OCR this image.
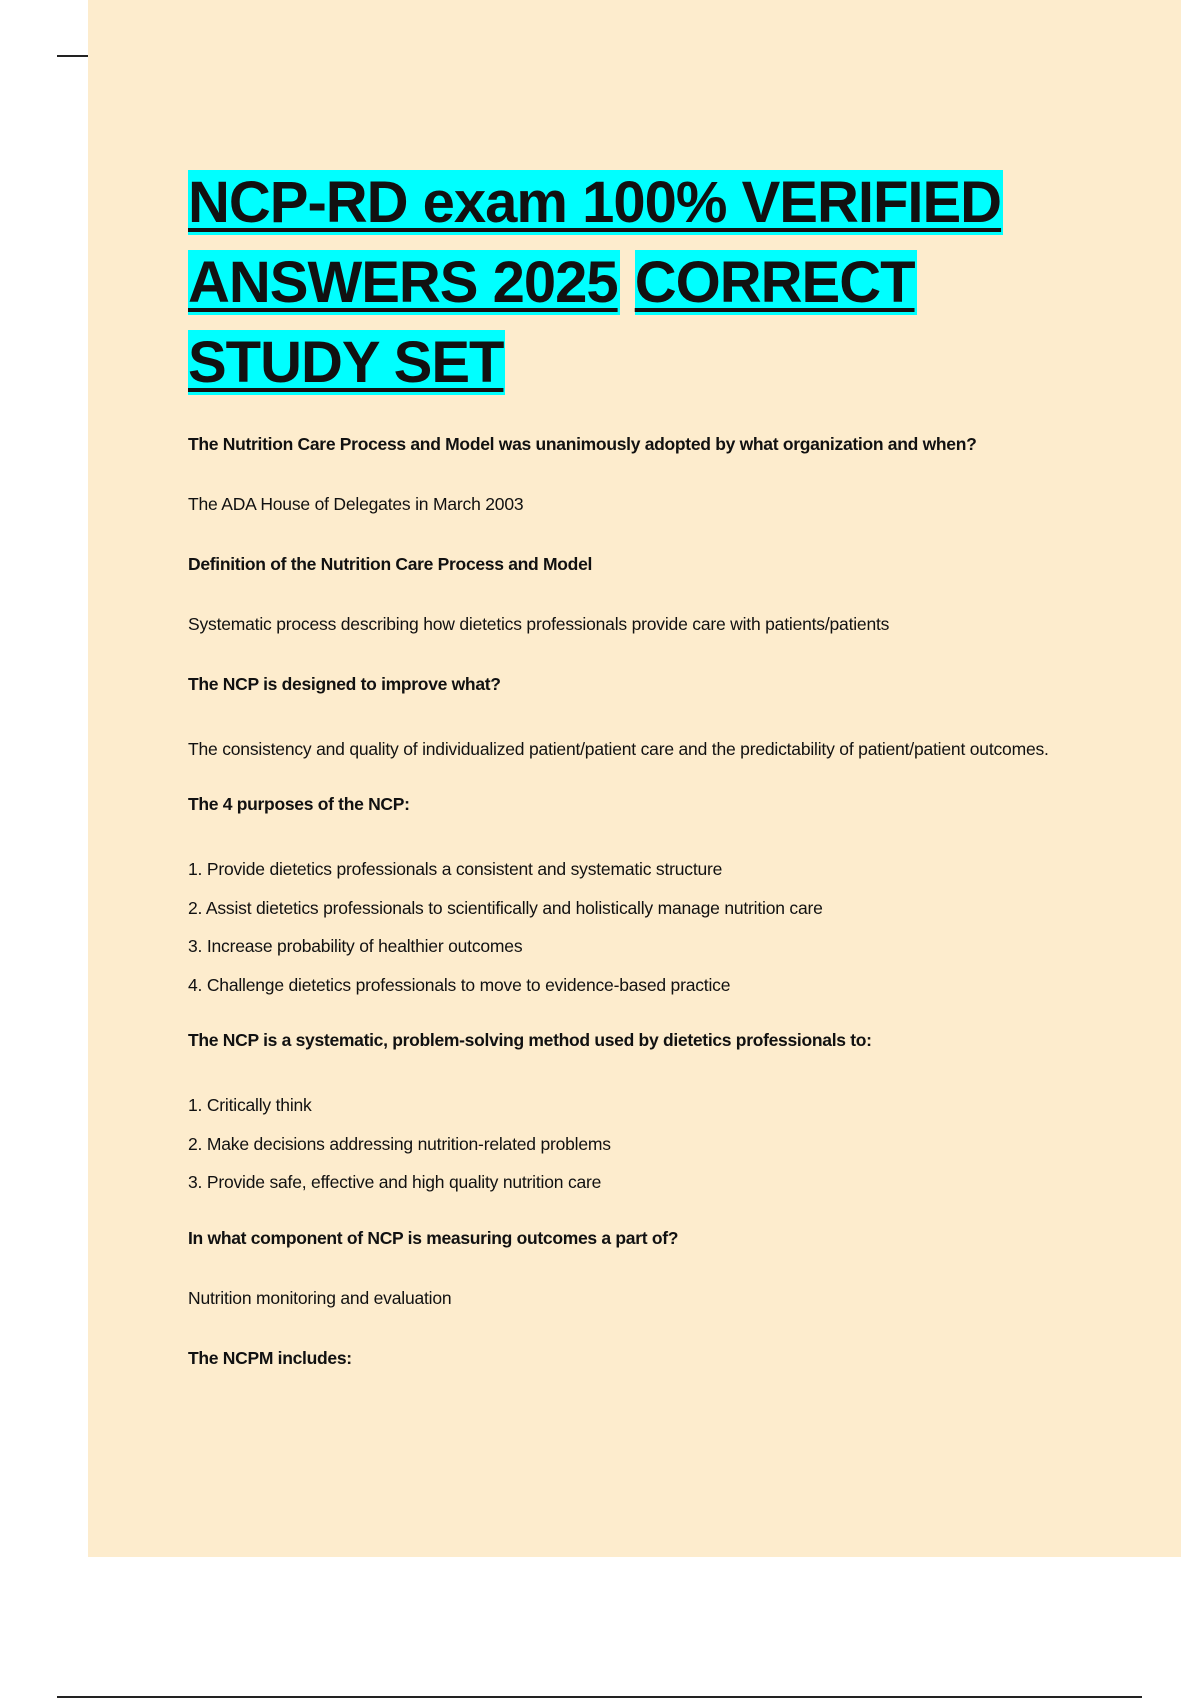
NCP-RD exam 100% VERIFIED
ANSWERS 2025 CORRECT
STUDY SET

The Nutrition Care Process and Model was unanimously adopted by what organization and when?

The ADA House of Delegates in March 2003

Definition of the Nutrition Care Process and Model

Systematic process describing how dietetics professionals provide care with patients/patients

The NCP is designed to improve what?

The consistency and quality of individualized patient/patient care and the predictability of patient/patient outcomes.

The 4 purposes of the NCP:

1. Provide dietetics professionals a consistent and systematic structure
2. Assist dietetics professionals to scientifically and holistically manage nutrition care
3. Increase probability of healthier outcomes
4. Challenge dietetics professionals to move to evidence-based practice

The NCP is a systematic, problem-solving method used by dietetics professionals to:

1. Critically think
2. Make decisions addressing nutrition-related problems
3. Provide safe, effective and high quality nutrition care

In what component of NCP is measuring outcomes a part of?

Nutrition monitoring and evaluation

The NCPM includes:
